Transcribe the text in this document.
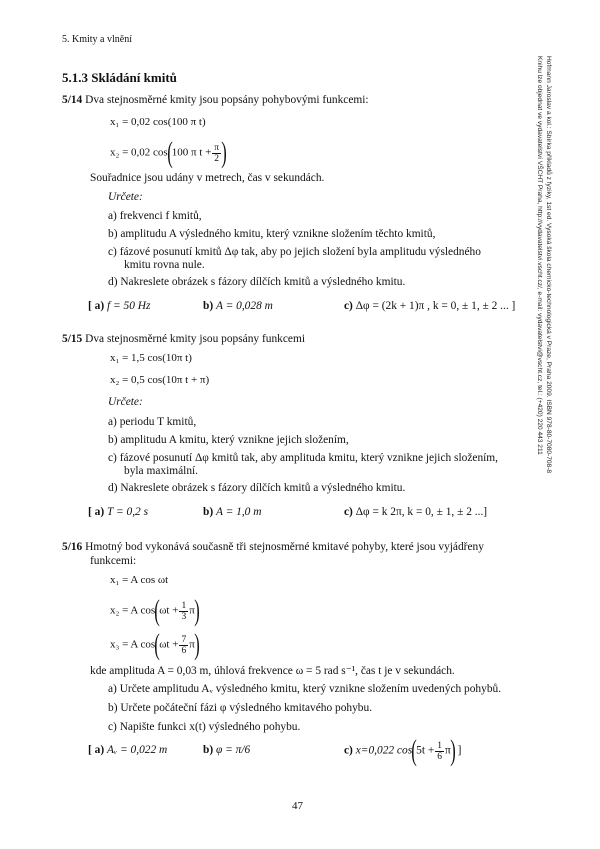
5. Kmity a vlnění
5.1.3 Skládání kmitů
5/14 Dva stejnosměrné kmity jsou popsány pohybovými funkcemi:
x₁ = 0,02 cos(100 π t)
x₂ = 0,02 cos(100 π $t + \frac{\pi}{2}$ )
Souřadnice jsou udány v metrech, čas v sekundách.
Určete:
a) frekvenci f kmitů,
b) amplitudu A výsledného kmitu, který vznikne složením těchto kmitů,
c) fázové posunutí kmitů Δφ tak, aby po jejich složení byla amplitudu výsledného
kmitu rovna nule.
d) Nakreslete obrázek s fázory dílčích kmitů a výsledného kmitu.
[ a) f = 50 Hz	b) A = 0,028 m	c) Δφ = (2k + 1)π , k = 0, ± 1, ± 2 ... ]
5/15 Dva stejnosměrné kmity jsou popsány funkcemi
x₁ = 1,5 cos(10π t)
x₂ = 0,5 cos(10π t + π)
Určete:
a) periodu T kmitů,
b) amplitudu A kmitu, který vznikne jejich složením,
c) fázové posunutí Δφ kmitů tak, aby amplituda kmitu, který vznikne jejich složením,
byla maximální.
d) Nakreslete obrázek s fázory dílčích kmitů a výsledného kmitu.
[ a) T = 0,2 s	b) A = 1,0 m	c) Δφ = k 2π, k = 0, ± 1, ± 2 ...]
5/16 Hmotný bod vykonává současně tři stejnosměrné kmitavé pohyby, které jsou vyjádřeny
funkcemi:
x₁ = A cos ωt
x₂ = A $\cos(\omega t + \frac{1}{3} \pi)$
x₃ = A $\cos(\omega t + \frac{7}{6} \pi)$
kde amplituda A = 0,03 m, úhlová frekvence ω = 5 rad s⁻¹, čas t je v sekundách.
a) Určete amplitudu Aᵥ výsledného kmitu, který vznikne složením uvedených pohybů.
b) Určete počáteční fázi φ výsledného kmitavého pohybu.
c) Napište funkci x(t) výsledného pohybu.
[ a) Aᵥ = 0,022 m	b) φ = π/6	c) x=0,022 $\cos(5t + \frac{1}{6} \pi)$ ]
Hofmann Jaroslav a kol.: Sbírka příkladů z fyziky, 1st ed. Vysoká škola chemicko-technologická v Praze, Praha 2009. ISBN 978-80-7080-708-8
Knihu lze objednat ve vydavatelství VŠCHT Praha, http://vydavatelstvi.vscht.cz/, e-mail: vydavatelstvi@vscht.cz, tel.: (+420) 220 443 211
47
